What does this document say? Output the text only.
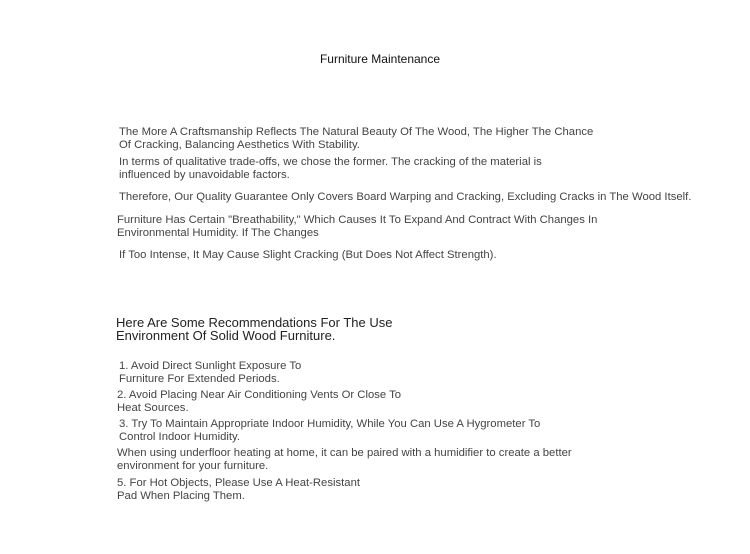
Furniture Maintenance
The More A Craftsmanship Reflects The Natural Beauty Of The Wood, The Higher The Chance
Of Cracking, Balancing Aesthetics With Stability.
In terms of qualitative trade-offs, we chose the former. The cracking of the material is
influenced by unavoidable factors.
Therefore, Our Quality Guarantee Only Covers Board Warping and Cracking, Excluding Cracks in The Wood Itself.
Furniture Has Certain "Breathability," Which Causes It To Expand And Contract With Changes In
Environmental Humidity. If The Changes
If Too Intense, It May Cause Slight Cracking (But Does Not Affect Strength).
Here Are Some Recommendations For The Use
Environment Of Solid Wood Furniture.
1. Avoid Direct Sunlight Exposure To
Furniture For Extended Periods.
2. Avoid Placing Near Air Conditioning Vents Or Close To
Heat Sources.
3. Try To Maintain Appropriate Indoor Humidity, While You Can Use A Hygrometer To
Control Indoor Humidity.
When using underfloor heating at home, it can be paired with a humidifier to create a better
environment for your furniture.
5. For Hot Objects, Please Use A Heat-Resistant
Pad When Placing Them.
